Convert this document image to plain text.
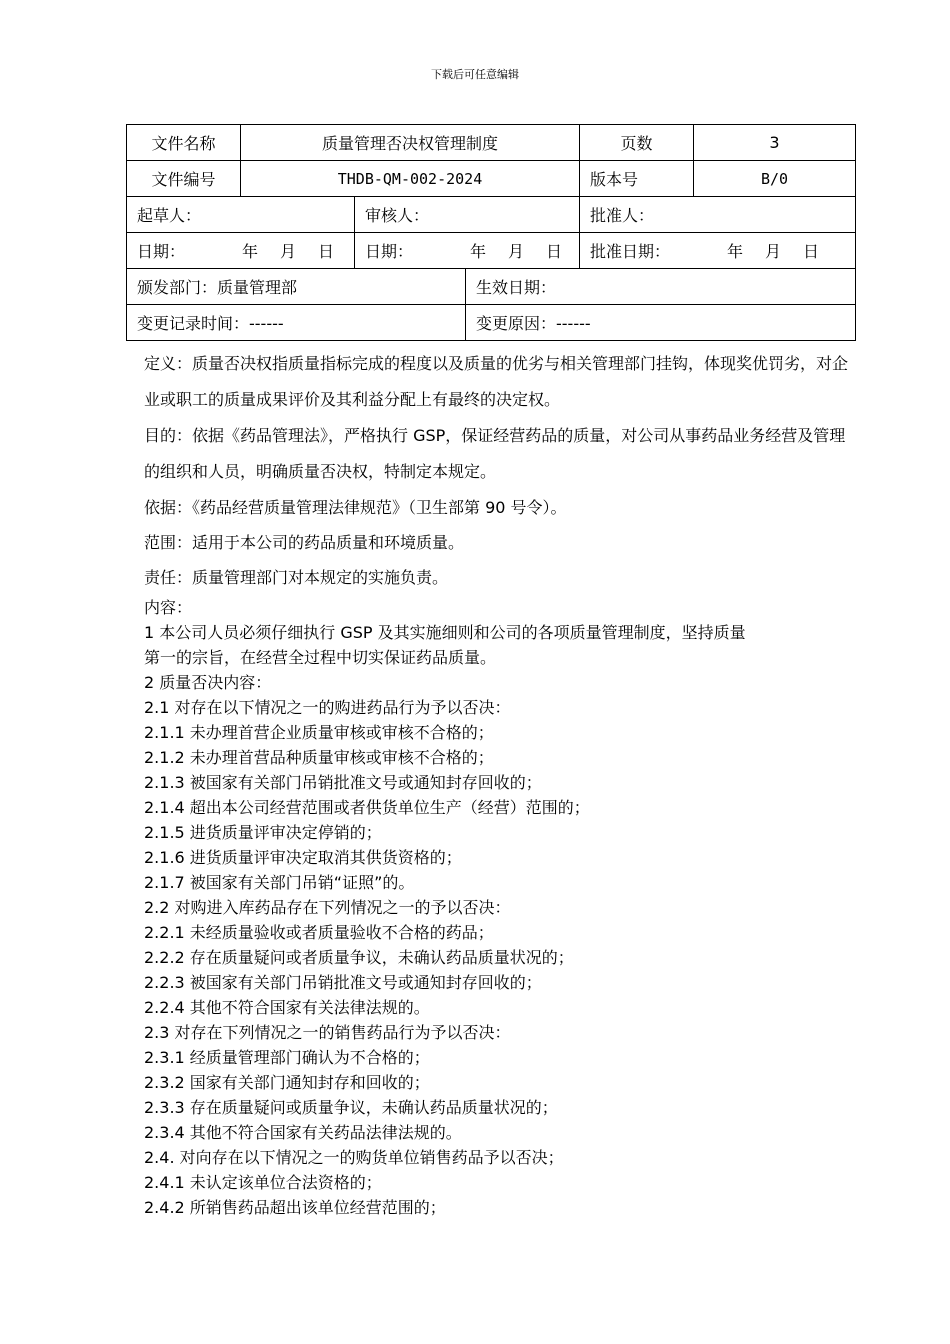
下载后可任意编辑
文件名称	质量管理否决权管理制度			页数	3
文件编号	THDB-QM-002-2024			版本号	B/0
起草人：		审核人：		批准人：	
日期： 年 月 日		日期： 年 月 日		批准日期： 年 月 日	
颁发部门：质量管理部			生效日期：		
变更记录时间：------			变更原因：------		

定义：质量否决权指质量指标完成的程度以及质量的优劣与相关管理部门挂钩，体现奖优罚劣，对企业或职工的质量成果评价及其利益分配上有最终的决定权。

目的：依据《药品管理法》，严格执行 GSP，保证经营药品的质量，对公司从事药品业务经营及管理的组织和人员，明确质量否决权，特制定本规定。

依据：《药品经营质量管理法律规范》（卫生部第 90 号令）。

范围：适用于本公司的药品质量和环境质量。

责任：质量管理部门对本规定的实施负责。

内容：

1 本公司人员必须仔细执行 GSP 及其实施细则和公司的各项质量管理制度，坚持质量

第一的宗旨，在经营全过程中切实保证药品质量。

2 质量否决内容：

2.1 对存在以下情况之一的购进药品行为予以否决：

2.1.1 未办理首营企业质量审核或审核不合格的；

2.1.2 未办理首营品种质量审核或审核不合格的；

2.1.3 被国家有关部门吊销批准文号或通知封存回收的；

2.1.4 超出本公司经营范围或者供货单位生产（经营）范围的；

2.1.5 进货质量评审决定停销的；

2.1.6 进货质量评审决定取消其供货资格的；

2.1.7 被国家有关部门吊销“证照”的。

2.2 对购进入库药品存在下列情况之一的予以否决：

2.2.1 未经质量验收或者质量验收不合格的药品；

2.2.2 存在质量疑问或者质量争议，未确认药品质量状况的；

2.2.3 被国家有关部门吊销批准文号或通知封存回收的；

2.2.4 其他不符合国家有关法律法规的。

2.3 对存在下列情况之一的销售药品行为予以否决：

2.3.1 经质量管理部门确认为不合格的；

2.3.2 国家有关部门通知封存和回收的；

2.3.3 存在质量疑问或质量争议，未确认药品质量状况的；

2.3.4 其他不符合国家有关药品法律法规的。

2.4. 对向存在以下情况之一的购货单位销售药品予以否决；

2.4.1 未认定该单位合法资格的；

2.4.2 所销售药品超出该单位经营范围的；
